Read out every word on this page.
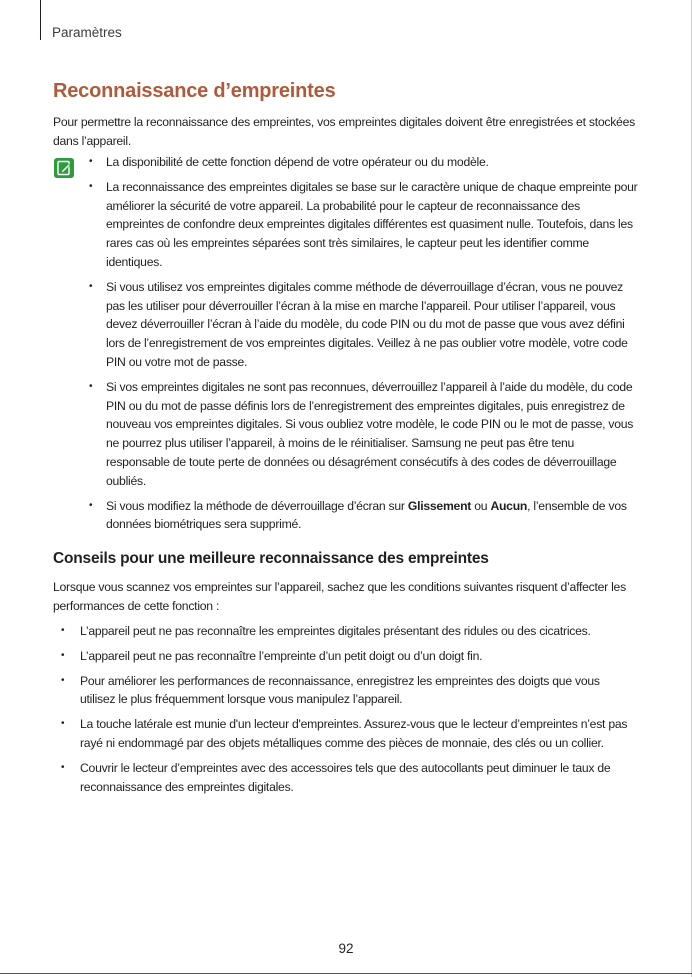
Paramètres
Reconnaissance d’empreintes

Pour permettre la reconnaissance des empreintes, vos empreintes digitales doivent être enregistrées et stockées dans l’appareil.

• La disponibilité de cette fonction dépend de votre opérateur ou du modèle.
• La reconnaissance des empreintes digitales se base sur le caractère unique de chaque empreinte pour améliorer la sécurité de votre appareil. La probabilité pour le capteur de reconnaissance des empreintes de confondre deux empreintes digitales différentes est quasiment nulle. Toutefois, dans les rares cas où les empreintes séparées sont très similaires, le capteur peut les identifier comme identiques.
• Si vous utilisez vos empreintes digitales comme méthode de déverrouillage d’écran, vous ne pouvez pas les utiliser pour déverrouiller l’écran à la mise en marche l’appareil. Pour utiliser l’appareil, vous devez déverrouiller l’écran à l’aide du modèle, du code PIN ou du mot de passe que vous avez défini lors de l’enregistrement de vos empreintes digitales. Veillez à ne pas oublier votre modèle, votre code PIN ou votre mot de passe.
• Si vos empreintes digitales ne sont pas reconnues, déverrouillez l’appareil à l’aide du modèle, du code PIN ou du mot de passe définis lors de l’enregistrement des empreintes digitales, puis enregistrez de nouveau vos empreintes digitales. Si vous oubliez votre modèle, le code PIN ou le mot de passe, vous ne pourrez plus utiliser l’appareil, à moins de le réinitialiser. Samsung ne peut pas être tenu responsable de toute perte de données ou désagrément consécutifs à des codes de déverrouillage oubliés.
• Si vous modifiez la méthode de déverrouillage d’écran sur Glissement ou Aucun, l’ensemble de vos données biométriques sera supprimé.
Conseils pour une meilleure reconnaissance des empreintes

Lorsque vous scannez vos empreintes sur l’appareil, sachez que les conditions suivantes risquent d’affecter les performances de cette fonction :

• L’appareil peut ne pas reconnaître les empreintes digitales présentant des ridules ou des cicatrices.
• L’appareil peut ne pas reconnaître l’empreinte d’un petit doigt ou d’un doigt fin.
• Pour améliorer les performances de reconnaissance, enregistrez les empreintes des doigts que vous utilisez le plus fréquemment lorsque vous manipulez l’appareil.
• La touche latérale est munie d'un lecteur d'empreintes. Assurez-vous que le lecteur d’empreintes n’est pas rayé ni endommagé par des objets métalliques comme des pièces de monnaie, des clés ou un collier.
• Couvrir le lecteur d’empreintes avec des accessoires tels que des autocollants peut diminuer le taux de reconnaissance des empreintes digitales.
92
